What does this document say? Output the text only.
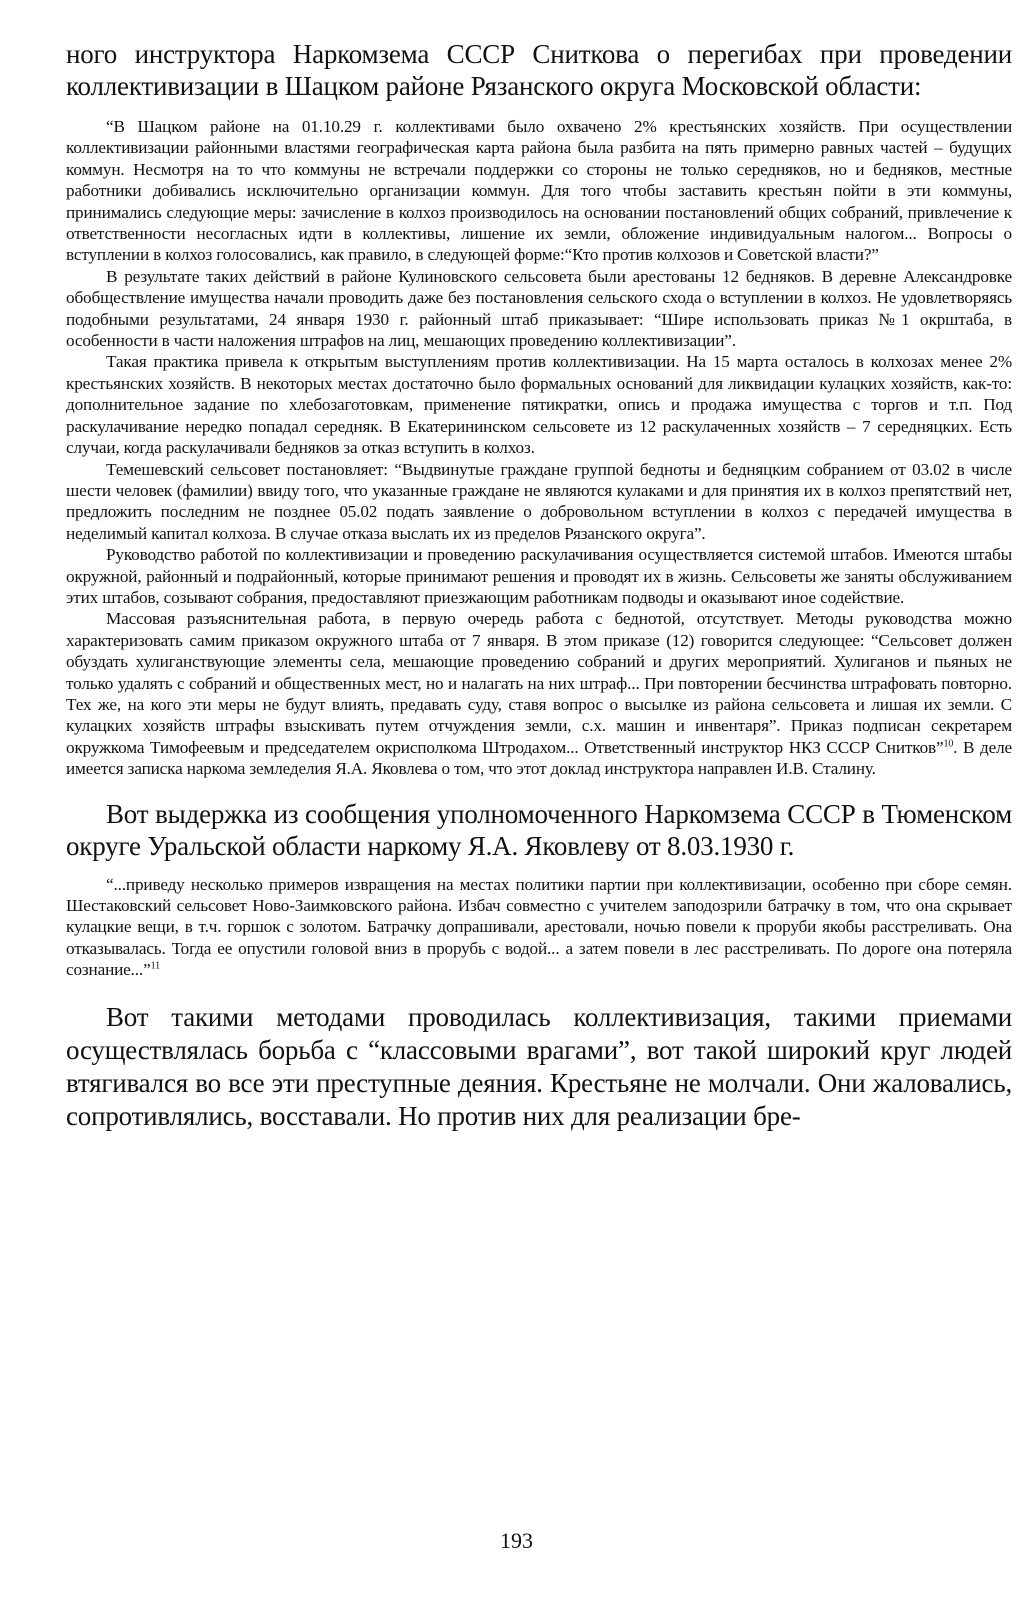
ного инструктора Наркомзема СССР Сниткова о перегибах при проведении коллективизации в Шацком районе Рязанского округа Московской области:

“В Шацком районе на 01.10.29 г. коллективами было охвачено 2% крестьянских хозяйств. При осуществлении коллективизации районными властями географическая карта района была разбита на пять примерно равных частей – будущих коммун. Несмотря на то что коммуны не встречали поддержки со стороны не только середняков, но и бедняков, местные работники добивались исключительно организации коммун. Для того чтобы заставить крестьян пойти в эти коммуны, принимались следующие меры: зачисление в колхоз производилось на основании постановлений общих собраний, привлечение к ответственности несогласных идти в коллективы, лишение их земли, обложение индивидуальным налогом... Вопросы о вступлении в колхоз голосовались, как правило, в следующей форме:“Кто против колхозов и Советской власти?”

В результате таких действий в районе Кулиновского сельсовета были арестованы 12 бедняков. В деревне Александровке обобществление имущества начали проводить даже без постановления сельского схода о вступлении в колхоз. Не удовлетворяясь подобными результатами, 24 января 1930 г. районный штаб приказывает: “Шире использовать приказ №1 окрштаба, в особенности в части наложения штрафов на лиц, мешающих проведению коллективизации”.

Такая практика привела к открытым выступлениям против коллективизации. На 15 марта осталось в колхозах менее 2% крестьянских хозяйств. В некоторых местах достаточно было формальных оснований для ликвидации кулацких хозяйств, как-то: дополнительное задание по хлебозаготовкам, применение пятикратки, опись и продажа имущества с торгов и т.п. Под раскулачивание нередко попадал середняк. В Екатерининском сельсовете из 12 раскулаченных хозяйств – 7 середняцких. Есть случаи, когда раскулачивали бедняков за отказ вступить в колхоз.

Темешевский сельсовет постановляет: “Выдвинутые граждане группой бедноты и бедняцким собранием от 03.02 в числе шести человек (фамилии) ввиду того, что указанные граждане не являются кулаками и для принятия их в колхоз препятствий нет, предложить последним не позднее 05.02 подать заявление о добровольном вступлении в колхоз с передачей имущества в неделимый капитал колхоза. В случае отказа выслать их из пределов Рязанского округа”.

Руководство работой по коллективизации и проведению раскулачивания осуществляется системой штабов. Имеются штабы окружной, районный и подрайонный, которые принимают решения и проводят их в жизнь. Сельсоветы же заняты обслуживанием этих штабов, созывают собрания, предоставляют приезжающим работникам подводы и оказывают иное содействие.

Массовая разъяснительная работа, в первую очередь работа с беднотой, отсутствует. Методы руководства можно характеризовать самим приказом окружного штаба от 7 января. В этом приказе (12) говорится следующее: “Сельсовет должен обуздать хулиганствующие элементы села, мешающие проведению собраний и других мероприятий. Хулиганов и пьяных не только удалять с собраний и общественных мест, но и налагать на них штраф... При повторении бесчинства штрафовать повторно. Тех же, на кого эти меры не будут влиять, предавать суду, ставя вопрос о высылке из района сельсовета и лишая их земли. С кулацких хозяйств штрафы взыскивать путем отчуждения земли, с.х. машин и инвентаря”. Приказ подписан секретарем окружкома Тимофеевым и председателем окрисполкома Штродахом... Ответственный инструктор НКЗ СССР Снитков”$^{10}$. В деле имеется записка наркома земледелия Я.А. Яковлева о том, что этот доклад инструктора направлен И.В. Сталину.

Вот выдержка из сообщения уполномоченного Наркомзема СССР в Тюменском округе Уральской области наркому Я.А. Яковлеву от 8.03.1930 г.

“...приведу несколько примеров извращения на местах политики партии при коллективизации, особенно при сборе семян. Шестаковский сельсовет Ново-Заимковского района. Избач совместно с учителем заподозрили батрачку в том, что она скрывает кулацкие вещи, в т.ч. горшок с золотом. Батрачку допрашивали, арестовали, ночью повели к проруби якобы расстреливать. Она отказывалась. Тогда ее опустили головой вниз в прорубь с водой... а затем повели в лес расстреливать. По дороге она потеряла сознание...”$^{11}$

Вот такими методами проводилась коллективизация, такими приемами осуществлялась борьба с “классовыми врагами”, вот такой широкий круг людей втягивался во все эти преступные деяния. Крестьяне не молчали. Они жаловались, сопротивлялись, восставали. Но против них для реализации бре-

193
